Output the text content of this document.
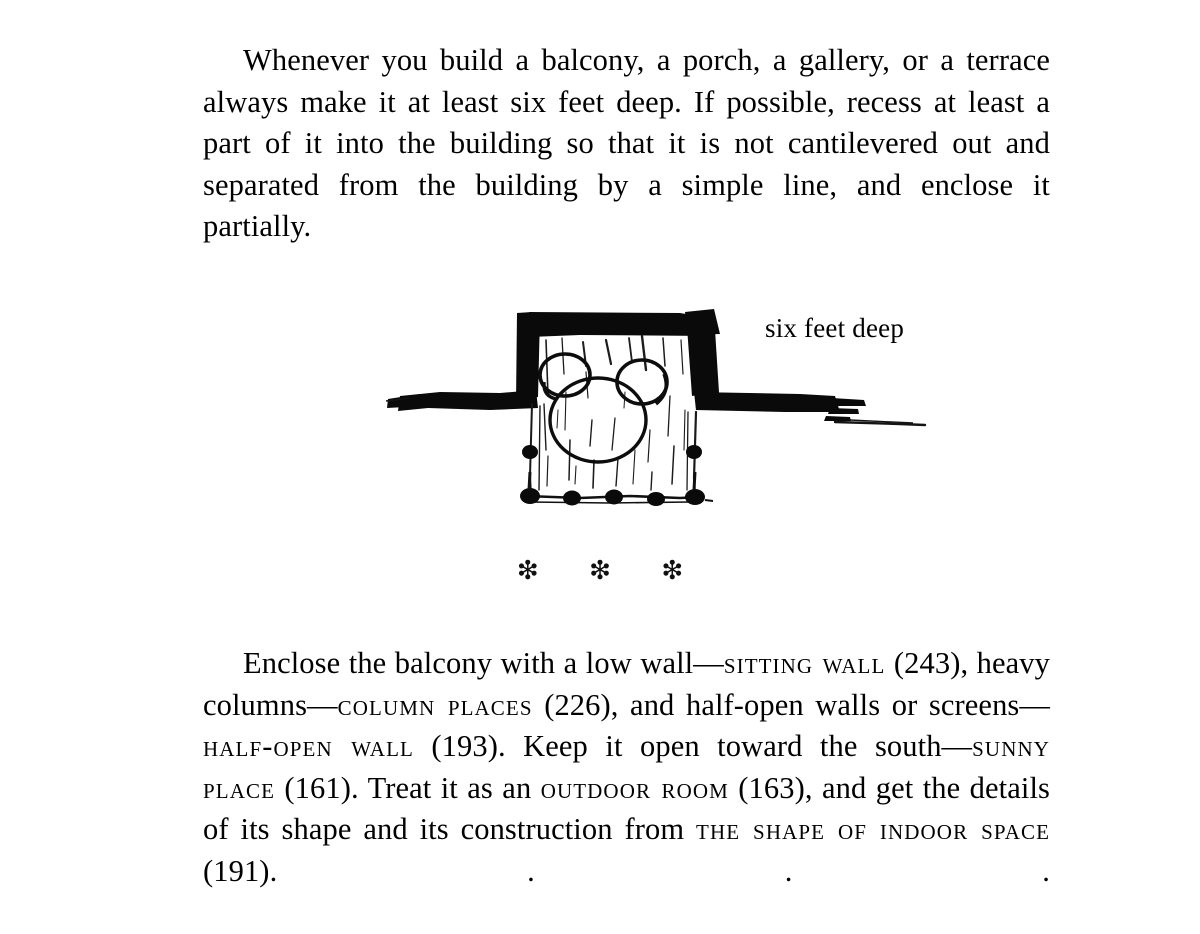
Whenever you build a balcony, a porch, a gallery, or a terrace always make it at least six feet deep. If possible, recess at least a part of it into the building so that it is not cantilevered out and separated from the building by a simple line, and enclose it partially.

six feet deep
❇ ❇ ❇

Enclose the balcony with a low wall—sitting wall (243), heavy columns—column places (226), and half-open walls or screens—half-open wall (193). Keep it open toward the south—sunny place (161). Treat it as an outdoor room (163), and get the details of its shape and its construction from the shape of indoor space (191). . . .
